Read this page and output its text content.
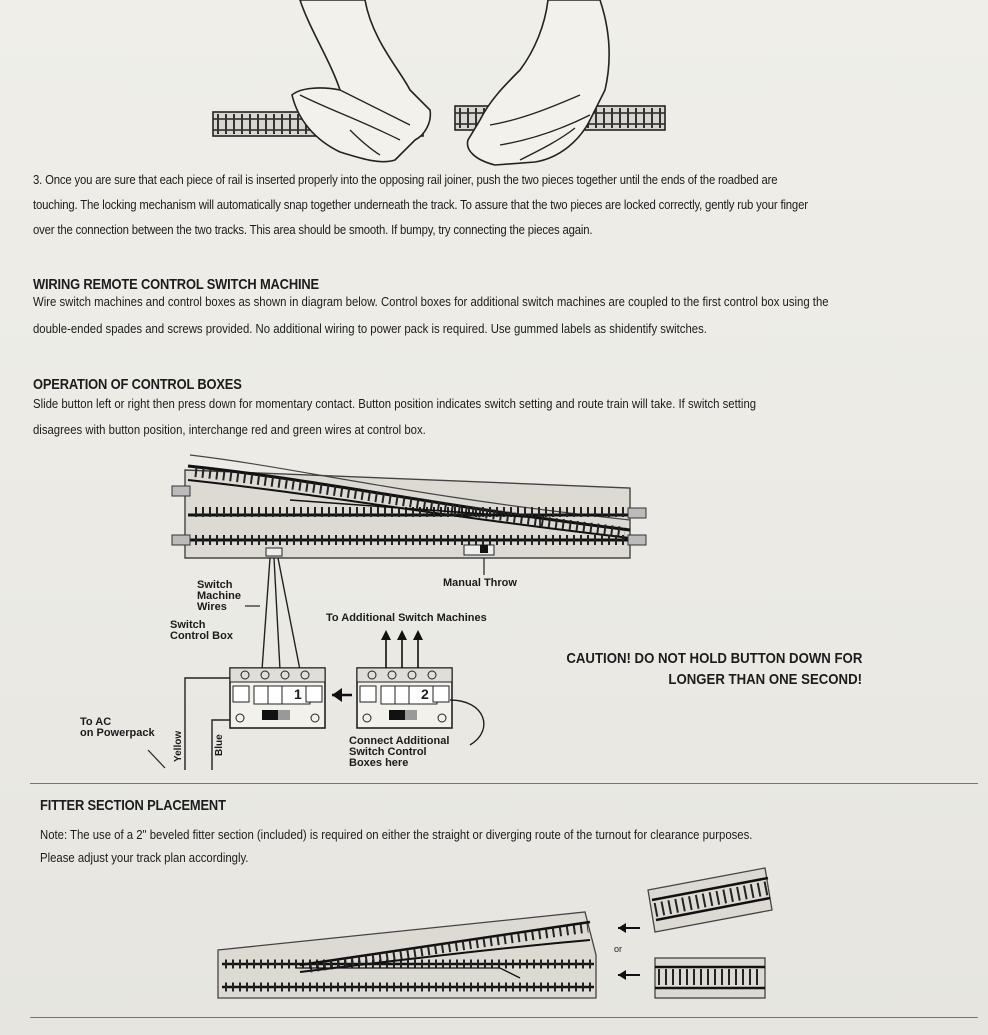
3. Once you are sure that each piece of rail is inserted properly into the opposing rail joiner, push the two pieces together until the ends of the roadbed are
touching. The locking mechanism will automatically snap together underneath the track. To assure that the two pieces are locked correctly, gently rub your finger
over the connection between the two tracks. This area should be smooth. If bumpy, try connecting the pieces again.
WIRING REMOTE CONTROL SWITCH MACHINE
Wire switch machines and control boxes as shown in diagram below. Control boxes for additional switch machines are coupled to the first control box using the
double-ended spades and screws provided. No additional wiring to power pack is required. Use gummed labels as shidentify switches.
OPERATION OF CONTROL BOXES
Slide button left or right then press down for momentary contact. Button position indicates switch setting and route train will take. If switch setting
disagrees with button position, interchange red and green wires at control box.
Manual Throw
Switch
Machine
Wires
Switch
Control Box
To Additional Switch Machines
To AC
on Powerpack Yellow	Blue	Connect Additional
Switch Control
Boxes here
1	2
CAUTION! DO NOT HOLD BUTTON DOWN FOR
LONGER THAN ONE SECOND!
FITTER SECTION PLACEMENT
Note: The use of a 2" beveled fitter section (included) is required on either the straight or diverging route of the turnout for clearance purposes.
Please adjust your track plan accordingly.
or
